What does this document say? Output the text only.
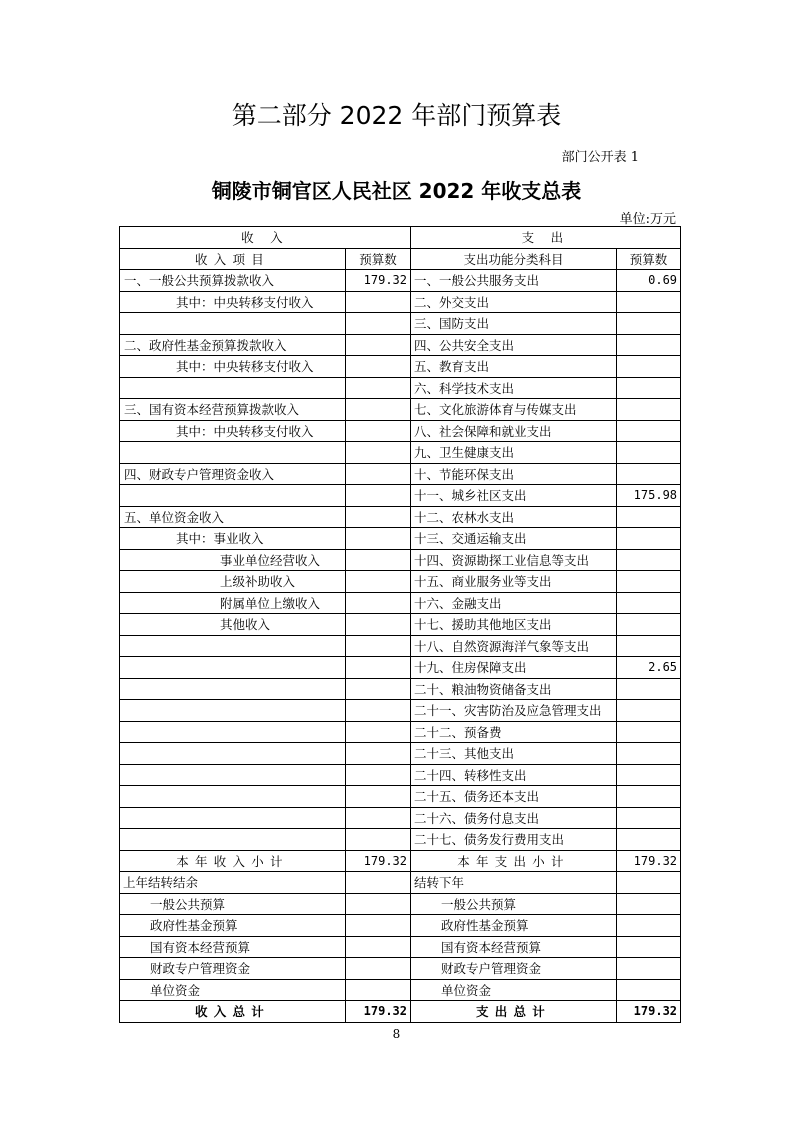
第二部分 2022 年部门预算表
部门公开表 1
铜陵市铜官区人民社区 2022 年收支总表
单位:万元
收 入		支 出	
收入项目	预算数	支出功能分类科目	预算数
一、一般公共预算拨款收入	179.32	一、一般公共服务支出	0.69
其中：中央转移支付收入		二、外交支出	
		三、国防支出	
二、政府性基金预算拨款收入		四、公共安全支出	
其中：中央转移支付收入		五、教育支出	
		六、科学技术支出	
三、国有资本经营预算拨款收入		七、文化旅游体育与传媒支出	
其中：中央转移支付收入		八、社会保障和就业支出	
		九、卫生健康支出	
四、财政专户管理资金收入		十、节能环保支出	
		十一、城乡社区支出	175.98
五、单位资金收入		十二、农林水支出	
其中：事业收入		十三、交通运输支出	
事业单位经营收入		十四、资源勘探工业信息等支出	
上级补助收入		十五、商业服务业等支出	
附属单位上缴收入		十六、金融支出	
其他收入		十七、援助其他地区支出	
		十八、自然资源海洋气象等支出	
		十九、住房保障支出	2.65
		二十、粮油物资储备支出	
		二十一、灾害防治及应急管理支出	
		二十二、预备费	
		二十三、其他支出	
		二十四、转移性支出	
		二十五、债务还本支出	
		二十六、债务付息支出	
		二十七、债务发行费用支出	
本年收入小计	179.32	本年支出小计	179.32
上年结转结余		结转下年	
一般公共预算		一般公共预算	
政府性基金预算		政府性基金预算	
国有资本经营预算		国有资本经营预算	
财政专户管理资金		财政专户管理资金	
单位资金		单位资金	
收入总计	179.32	支出总计	179.32
8
